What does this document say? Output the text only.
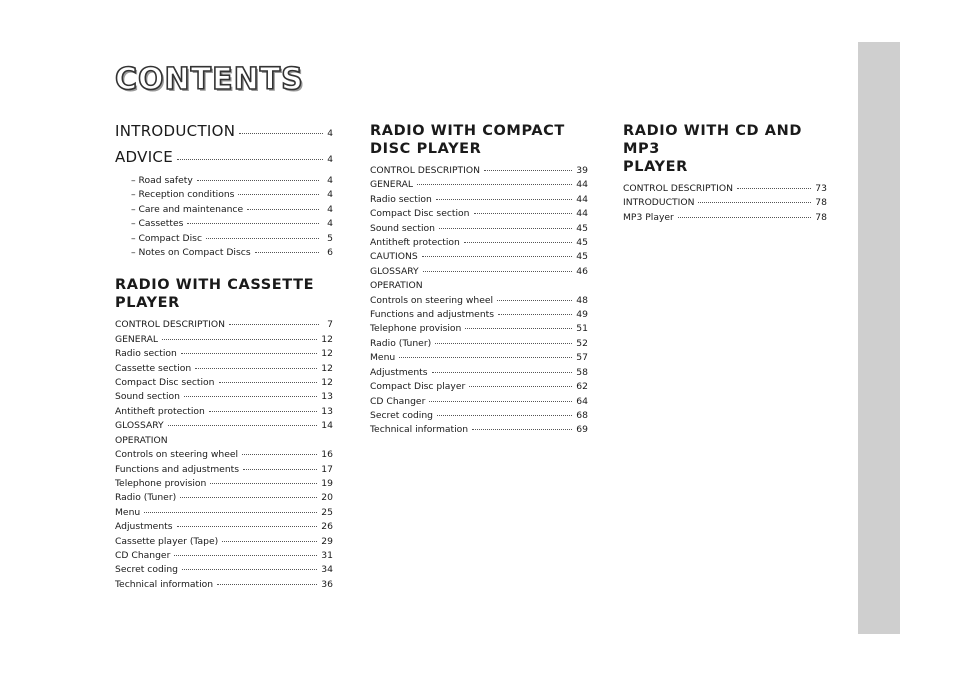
CONTENTS
INTRODUCTION	4
ADVICE	4
– Road safety	4
– Reception conditions	4
– Care and maintenance	4
– Cassettes	4
– Compact Disc	5
– Notes on Compact Discs	6
RADIO WITH CASSETTE
PLAYER
CONTROL DESCRIPTION	7
GENERAL	12
Radio section	12
Cassette section	12
Compact Disc section	12
Sound section	13
Antitheft protection	13
GLOSSARY	14
OPERATION
Controls on steering wheel	16
Functions and adjustments	17
Telephone provision	19
Radio (Tuner)	20
Menu	25
Adjustments	26
Cassette player (Tape)	29
CD Changer	31
Secret coding	34
Technical information	36
RADIO WITH COMPACT
DISC PLAYER
CONTROL DESCRIPTION	39
GENERAL	44
Radio section	44
Compact Disc section	44
Sound section	45
Antitheft protection	45
CAUTIONS	45
GLOSSARY	46
OPERATION
Controls on steering wheel	48
Functions and adjustments	49
Telephone provision	51
Radio (Tuner)	52
Menu	57
Adjustments	58
Compact Disc player	62
CD Changer	64
Secret coding	68
Technical information	69
RADIO WITH CD AND MP3
PLAYER
CONTROL DESCRIPTION	73
INTRODUCTION	78
MP3 Player	78
